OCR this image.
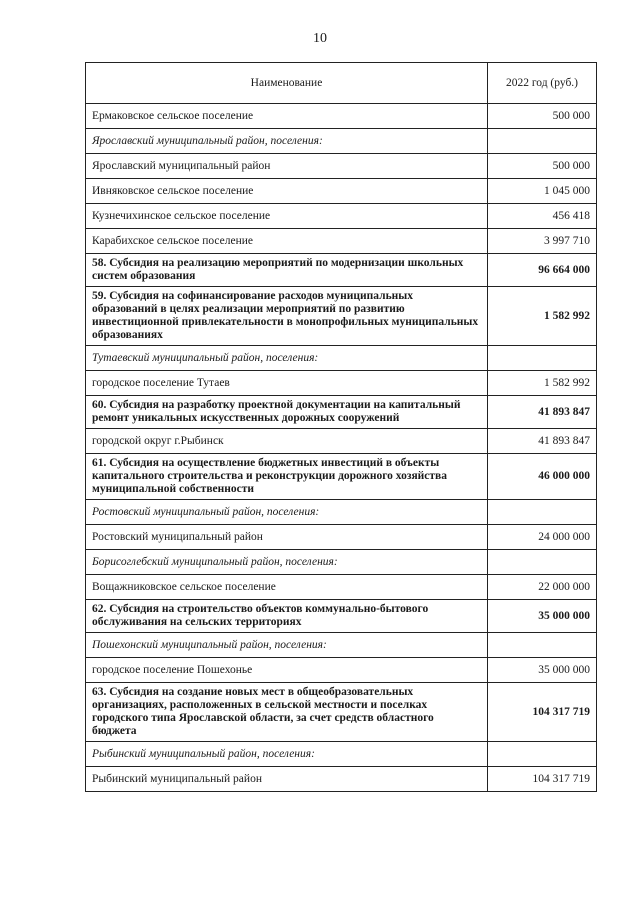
10
Наименование	2022 год (руб.)
Ермаковское сельское поселение	500 000
Ярославский муниципальный район, поселения:	
Ярославский муниципальный район	500 000
Ивняковское сельское поселение	1 045 000
Кузнечихинское сельское поселение	456 418
Карабихское сельское поселение	3 997 710
58. Субсидия на реализацию мероприятий по модернизации школьных систем образования	96 664 000
59. Субсидия на софинансирование расходов муниципальных образований в целях реализации мероприятий по развитию инвестиционной привлекательности в монопрофильных муниципальных образованиях	1 582 992
Тутаевский муниципальный район, поселения:	
городское поселение Тутаев	1 582 992
60. Субсидия на разработку проектной документации на капитальный ремонт уникальных искусственных дорожных сооружений	41 893 847
городской округ г.Рыбинск	41 893 847
61. Субсидия на осуществление бюджетных инвестиций в объекты капитального строительства и реконструкции дорожного хозяйства муниципальной собственности	46 000 000
Ростовский муниципальный район, поселения:	
Ростовский муниципальный район	24 000 000
Борисоглебский муниципальный район, поселения:	
Вощажниковское сельское поселение	22 000 000
62. Субсидия на строительство объектов коммунально-бытового обслуживания на сельских территориях	35 000 000
Пошехонский муниципальный район, поселения:	
городское поселение Пошехонье	35 000 000
63. Субсидия на создание новых мест в общеобразовательных организациях, расположенных в сельской местности и поселках городского типа Ярославской области, за счет средств областного бюджета	104 317 719
Рыбинский муниципальный район, поселения:	
Рыбинский муниципальный район	104 317 719
